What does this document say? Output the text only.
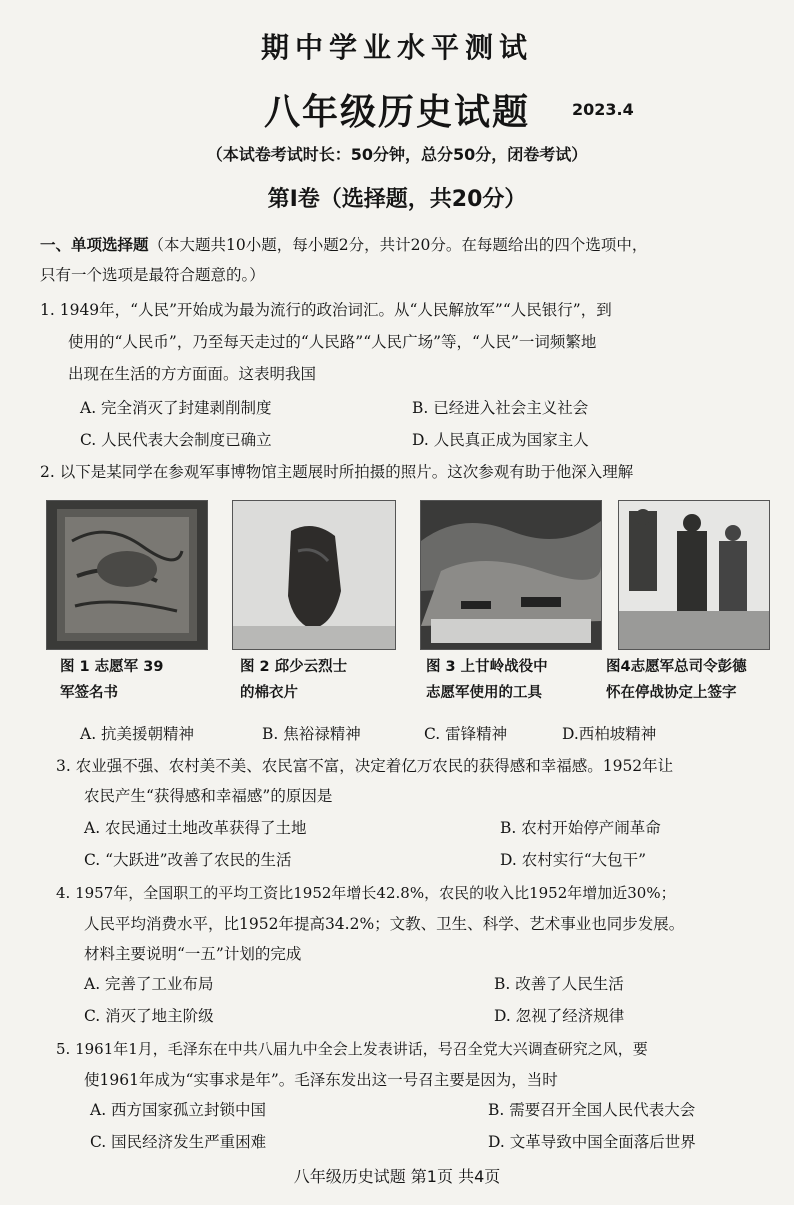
期中学业水平测试
八年级历史试题	2023.4
（本试卷考试时长：50分钟，总分50分，闭卷考试）
第Ⅰ卷（选择题，共20分）
一、单项选择题（本大题共10小题，每小题2分，共计20分。在每题给出的四个选项中，
只有一个选项是最符合题意的。）
1. 1949年，“人民”开始成为最为流行的政治词汇。从“人民解放军”“人民银行”，到
使用的“人民币”，乃至每天走过的“人民路”“人民广场”等，“人民”一词频繁地
出现在生活的方方面面。这表明我国
A. 完全消灭了封建剥削制度	B. 已经进入社会主义社会
C. 人民代表大会制度已确立	D. 人民真正成为国家主人
2. 以下是某同学在参观军事博物馆主题展时所拍摄的照片。这次参观有助于他深入理解
图 1 志愿军 39
军签名书
图 2 邱少云烈士
的棉衣片
图 3 上甘岭战役中
志愿军使用的工具
图4志愿军总司令彭德
怀在停战协定上签字
A. 抗美援朝精神	B. 焦裕禄精神	C. 雷锋精神	D.西柏坡精神
3. 农业强不强、农村美不美、农民富不富，决定着亿万农民的获得感和幸福感。1952年让
农民产生“获得感和幸福感”的原因是
A. 农民通过土地改革获得了土地	B. 农村开始停产闹革命
C. “大跃进”改善了农民的生活	D. 农村实行“大包干”
4. 1957年，全国职工的平均工资比1952年增长42.8%，农民的收入比1952年增加近30%；
人民平均消费水平，比1952年提高34.2%；文教、卫生、科学、艺术事业也同步发展。
材料主要说明“一五”计划的完成
A. 完善了工业布局	B. 改善了人民生活
C. 消灭了地主阶级	D. 忽视了经济规律
5. 1961年1月，毛泽东在中共八届九中全会上发表讲话，号召全党大兴调查研究之风，要
使1961年成为“实事求是年”。毛泽东发出这一号召主要是因为，当时
A. 西方国家孤立封锁中国	B. 需要召开全国人民代表大会
C. 国民经济发生严重困难	D. 文革导致中国全面落后世界
八年级历史试题 第1页 共4页
